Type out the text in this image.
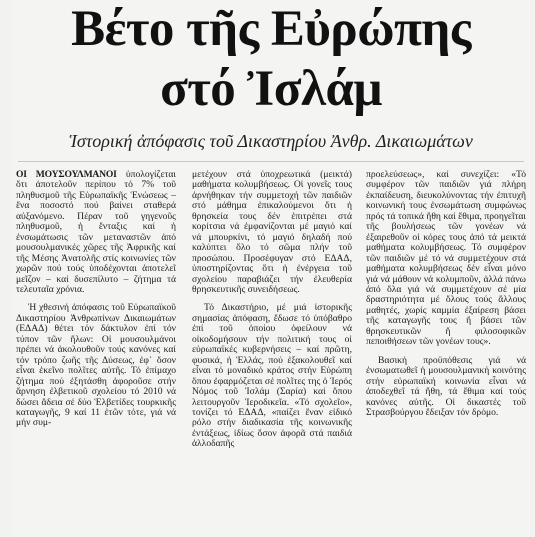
Βέτο τῆς Εὐρώπης
στό Ἰσλάμ
Ἱστορική ἀπόφασις τοῦ Δικαστηρίου Ἀνθρ. Δικαιωμάτων

ΟΙ ΜΟΥΣΟΥΛΜΑΝΟΙ ὑπολογίζεται ὅτι ἀποτελοῦν περίπου τό 7% τοῦ πληθυσμοῦ τῆς Εὐρωπαϊκῆς Ἑνώσεως – ἕνα ποσοστό πού βαίνει σταθερά αὐξανόμενο. Πέραν τοῦ γηγενοῦς πληθυσμοῦ, ἡ ἔνταξις καί ἡ ἐνσωμάτωσις τῶν μεταναστῶν ἀπό μουσουλμανικές χῶρες τῆς Ἀφρικῆς καί τῆς Μέσης Ἀνατολῆς στίς κοινωνίες τῶν χωρῶν πού τούς ὑποδέχονται ἀποτελεῖ μεῖζον – καί δυσεπίλυτο – ζήτημα τά τελευταῖα χρόνια.

Ἡ χθεσινή ἀπόφασις τοῦ Εὐρωπαϊκοῦ Δικαστηρίου Ἀνθρωπίνων Δικαιωμάτων (ΕΔΑΔ) θέτει τόν δάκτυλον ἐπί τόν τύπον τῶν ἥλων: Οἱ μουσουλμάνοι πρέπει νά ἀκολουθοῦν τούς κανόνες καί τόν τρόπο ζωῆς τῆς Δύσεως, ἐφ᾽ ὅσον εἶναι ἐκεῖνο πολῖτες αὐτῆς. Τό ἐπίμαχο ζήτημα πού ἐξητάσθη ἀφοροῦσε στήν ἄρνηση ἐλβετικοῦ σχολείου τό 2010 νά δώσει ἄδεια σέ δύο Ἑλβετίδες τουρκικῆς καταγωγῆς, 9 καί 11 ἐτῶν τότε, γιά νά μήν συμ-

μετέχουν στά ὑποχρεωτικά (μεικτά) μαθήματα κολυμβήσεως. Οἱ γονεῖς τους ἀρνήθηκαν τήν συμμετοχή τῶν παιδιῶν στό μάθημα ἐπικαλούμενοι ὅτι ἡ θρησκεία τους δέν ἐπιτρέπει στά κορίτσια νά ἐμφανίζονται μέ μαγιό καί νά μπουρκίνι, τό μαγιό δηλαδή πού καλύπτει ὅλο τό σῶμα πλήν τοῦ προσώπου. Προσέφυγαν στό ΕΔΑΔ, ὑποστηρίζοντας ὅτι ἡ ἐνέργεια τοῦ σχολείου παραβιάζει τήν ἐλευθερία θρησκευτικῆς συνειδήσεως.

Τό Δικαστήριο, μέ μιά ἱστορικῆς σημασίας ἀπόφαση, ἔδωσε τό ὑπόβαθρο ἐπί τοῦ ὁποίου ὀφείλουν νά οἰκοδομήσουν τήν πολιτική τους οἱ εὐρωπαϊκές κυβερνήσεις – καί πρῶτη, φυσικά, ἡ Ἑλλάς, πού ἐξακολουθεῖ καί εἶναι τό μοναδικό κράτος στήν Εὐρώπη ὅπου ἐφαρμόζεται σέ πολῖτες της ὁ Ἱερός Νόμος τοῦ Ἰσλάμ (Σαρία) καί ὅπου λειτουργοῦν Ἱεροδικεῖα. «Τό σχολεῖο», τονίζει τό ΕΔΑΔ, «παίζει ἕναν εἰδικό ρόλο στήν διαδικασία τῆς κοινωνικῆς ἐντάξεως, ἰδίως ὅσον ἀφορᾶ στά παιδιά ἀλλοδαπῆς

προελεύσεως», καί συνεχίζει: «Τό συμφέρον τῶν παιδιῶν γιά πλήρη ἐκπαίδευση, διευκολύνοντας τήν ἐπιτυχῆ κοινωνική τους ἐνσωμάτωση συμφώνως πρός τά τοπικά ἤθη καί ἔθιμα, προηγεῖται τῆς βουλήσεως τῶν γονέων νά ἐξαιρεθοῦν οἱ κόρες τους ἀπό τά μεικτά μαθήματα κολυμβήσεως. Τό συμφέρον τῶν παιδιῶν μέ τό νά συμμετέχουν στά μαθήματα κολυμβήσεως δέν εἶναι μόνο γιά νά μάθουν νά κολυμποῦν, ἀλλά πάνω ἀπό ὅλα γιά νά συμμετέχουν σέ μία δραστηριότητα μέ ὅλους τούς ἄλλους μαθητές, χωρίς καμμία ἐξαίρεση βάσει τῆς καταγωγῆς τους ἤ βάσει τῶν θρησκευτικῶν ἤ φιλοσοφικῶν πεποιθήσεων τῶν γονέων τους».

Βασική προϋπόθεσις γιά νά ἐνσωματωθεῖ ἡ μουσουλμανική κοινότης στήν εὐρωπαϊκή κοινωνία εἶναι νά ἀποδεχθεῖ τά ἤθη, τά ἔθιμα καί τούς κανόνες αὐτῆς. Οἱ δικαστές τοῦ Στρασβούργου ἔδειξαν τόν δρόμο.
